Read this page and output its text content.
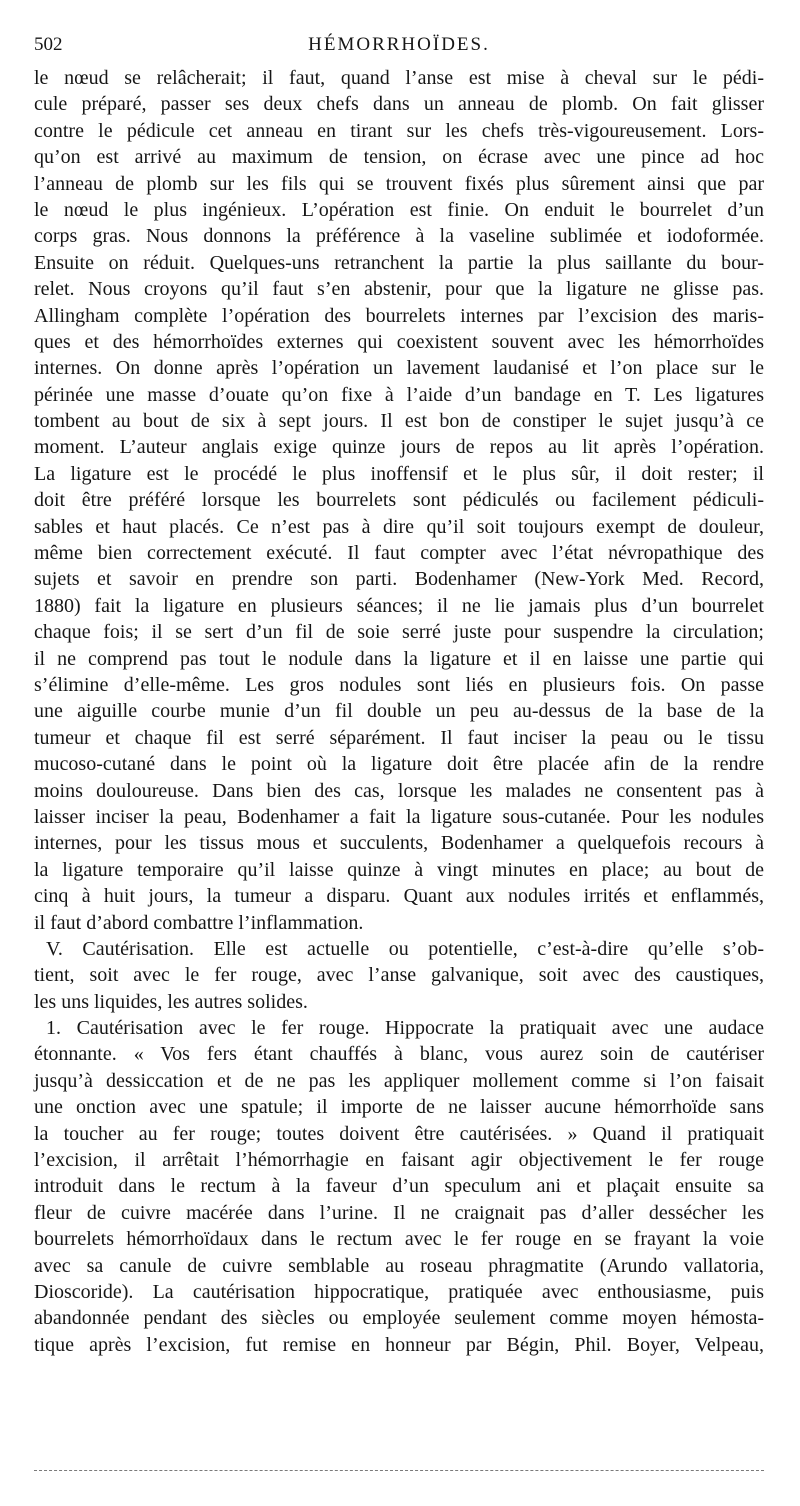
502	HÉMORRHOÏDES.
le nœud se relâcherait; il faut, quand l’anse est mise à cheval sur le pédi-
cule préparé, passer ses deux chefs dans un anneau de plomb. On fait glisser
contre le pédicule cet anneau en tirant sur les chefs très-vigoureusement. Lors-
qu’on est arrivé au maximum de tension, on écrase avec une pince ad hoc
l’anneau de plomb sur les fils qui se trouvent fixés plus sûrement ainsi que par
le nœud le plus ingénieux. L’opération est finie. On enduit le bourrelet d’un
corps gras. Nous donnons la préférence à la vaseline sublimée et iodoformée.
Ensuite on réduit. Quelques-uns retranchent la partie la plus saillante du bour-
relet. Nous croyons qu’il faut s’en abstenir, pour que la ligature ne glisse pas.
Allingham complète l’opération des bourrelets internes par l’excision des maris-
ques et des hémorrhoïdes externes qui coexistent souvent avec les hémorrhoïdes
internes. On donne après l’opération un lavement laudanisé et l’on place sur le
périnée une masse d’ouate qu’on fixe à l’aide d’un bandage en T. Les ligatures
tombent au bout de six à sept jours. Il est bon de constiper le sujet jusqu’à ce
moment. L’auteur anglais exige quinze jours de repos au lit après l’opération.
La ligature est le procédé le plus inoffensif et le plus sûr, il doit rester; il
doit être préféré lorsque les bourrelets sont pédiculés ou facilement pédiculi-
sables et haut placés. Ce n’est pas à dire qu’il soit toujours exempt de douleur,
même bien correctement exécuté. Il faut compter avec l’état névropathique des
sujets et savoir en prendre son parti. Bodenhamer (New-York Med. Record,
1880) fait la ligature en plusieurs séances; il ne lie jamais plus d’un bourrelet
chaque fois; il se sert d’un fil de soie serré juste pour suspendre la circulation;
il ne comprend pas tout le nodule dans la ligature et il en laisse une partie qui
s’élimine d’elle-même. Les gros nodules sont liés en plusieurs fois. On passe
une aiguille courbe munie d’un fil double un peu au-dessus de la base de la
tumeur et chaque fil est serré séparément. Il faut inciser la peau ou le tissu
mucoso-cutané dans le point où la ligature doit être placée afin de la rendre
moins douloureuse. Dans bien des cas, lorsque les malades ne consentent pas à
laisser inciser la peau, Bodenhamer a fait la ligature sous-cutanée. Pour les nodules
internes, pour les tissus mous et succulents, Bodenhamer a quelquefois recours à
la ligature temporaire qu’il laisse quinze à vingt minutes en place; au bout de
cinq à huit jours, la tumeur a disparu. Quant aux nodules irrités et enflammés,
il faut d’abord combattre l’inflammation.
V. Cautérisation. Elle est actuelle ou potentielle, c’est-à-dire qu’elle s’ob-
tient, soit avec le fer rouge, avec l’anse galvanique, soit avec des caustiques,
les uns liquides, les autres solides.
1. Cautérisation avec le fer rouge. Hippocrate la pratiquait avec une audace
étonnante. « Vos fers étant chauffés à blanc, vous aurez soin de cautériser
jusqu’à dessiccation et de ne pas les appliquer mollement comme si l’on faisait
une onction avec une spatule; il importe de ne laisser aucune hémorrhoïde sans
la toucher au fer rouge; toutes doivent être cautérisées. » Quand il pratiquait
l’excision, il arrêtait l’hémorrhagie en faisant agir objectivement le fer rouge
introduit dans le rectum à la faveur d’un speculum ani et plaçait ensuite sa
fleur de cuivre macérée dans l’urine. Il ne craignait pas d’aller dessécher les
bourrelets hémorrhoïdaux dans le rectum avec le fer rouge en se frayant la voie
avec sa canule de cuivre semblable au roseau phragmatite (Arundo vallatoria,
Dioscoride). La cautérisation hippocratique, pratiquée avec enthousiasme, puis
abandonnée pendant des siècles ou employée seulement comme moyen hémosta-
tique après l’excision, fut remise en honneur par Bégin, Phil. Boyer, Velpeau,
